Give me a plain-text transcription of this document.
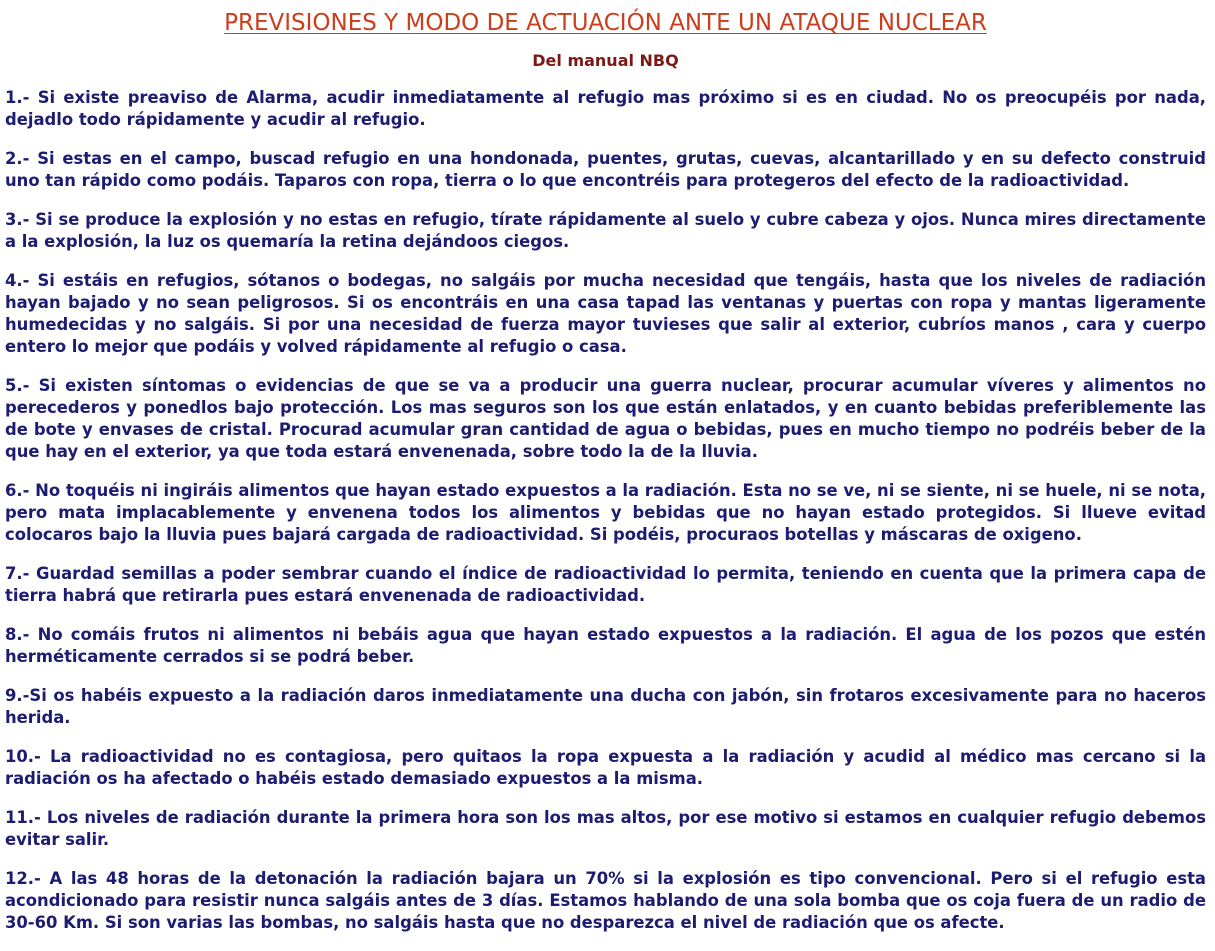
PREVISIONES Y MODO DE ACTUACIÓN ANTE UN ATAQUE NUCLEAR
Del manual NBQ

1.- Si existe preaviso de Alarma, acudir inmediatamente al refugio mas próximo si es en ciudad. No os preocupéis por nada, dejadlo todo rápidamente y acudir al refugio.

2.- Si estas en el campo, buscad refugio en una hondonada, puentes, grutas, cuevas, alcantarillado y en su defecto construid uno tan rápido como podáis. Taparos con ropa, tierra o lo que encontréis para protegeros del efecto de la radioactividad.

3.- Si se produce la explosión y no estas en refugio, tírate rápidamente al suelo y cubre cabeza y ojos. Nunca mires directamente a la explosión, la luz os quemaría la retina dejándoos ciegos.

4.- Si estáis en refugios, sótanos o bodegas, no salgáis por mucha necesidad que tengáis, hasta que los niveles de radiación hayan bajado y no sean peligrosos. Si os encontráis en una casa tapad las ventanas y puertas con ropa y mantas ligeramente humedecidas y no salgáis. Si por una necesidad de fuerza mayor tuvieses que salir al exterior, cubríos manos , cara y cuerpo entero lo mejor que podáis y volved rápidamente al refugio o casa.

5.- Si existen síntomas o evidencias de que se va a producir una guerra nuclear, procurar acumular víveres y alimentos no perecederos y ponedlos bajo protección. Los mas seguros son los que están enlatados, y en cuanto bebidas preferiblemente las de bote y envases de cristal. Procurad acumular gran cantidad de agua o bebidas, pues en mucho tiempo no podréis beber de la que hay en el exterior, ya que toda estará envenenada, sobre todo la de la lluvia.

6.- No toquéis ni ingiráis alimentos que hayan estado expuestos a la radiación. Esta no se ve, ni se siente, ni se huele, ni se nota, pero mata implacablemente y envenena todos los alimentos y bebidas que no hayan estado protegidos. Si llueve evitad colocaros bajo la lluvia pues bajará cargada de radioactividad. Si podéis, procuraos botellas y máscaras de oxigeno.

7.- Guardad semillas a poder sembrar cuando el índice de radioactividad lo permita, teniendo en cuenta que la primera capa de tierra habrá que retirarla pues estará envenenada de radioactividad.

8.- No comáis frutos ni alimentos ni bebáis agua que hayan estado expuestos a la radiación. El agua de los pozos que estén herméticamente cerrados si se podrá beber.

9.-Si os habéis expuesto a la radiación daros inmediatamente una ducha con jabón, sin frotaros excesivamente para no haceros herida.

10.- La radioactividad no es contagiosa, pero quitaos la ropa expuesta a la radiación y acudid al médico mas cercano si la radiación os ha afectado o habéis estado demasiado expuestos a la misma.

11.- Los niveles de radiación durante la primera hora son los mas altos, por ese motivo si estamos en cualquier refugio debemos evitar salir.

12.- A las 48 horas de la detonación la radiación bajara un 70% si la explosión es tipo convencional. Pero si el refugio esta acondicionado para resistir nunca salgáis antes de 3 días. Estamos hablando de una sola bomba que os coja fuera de un radio de 30-60 Km. Si son varias las bombas, no salgáis hasta que no desparezca el nivel de radiación que os afecte.
